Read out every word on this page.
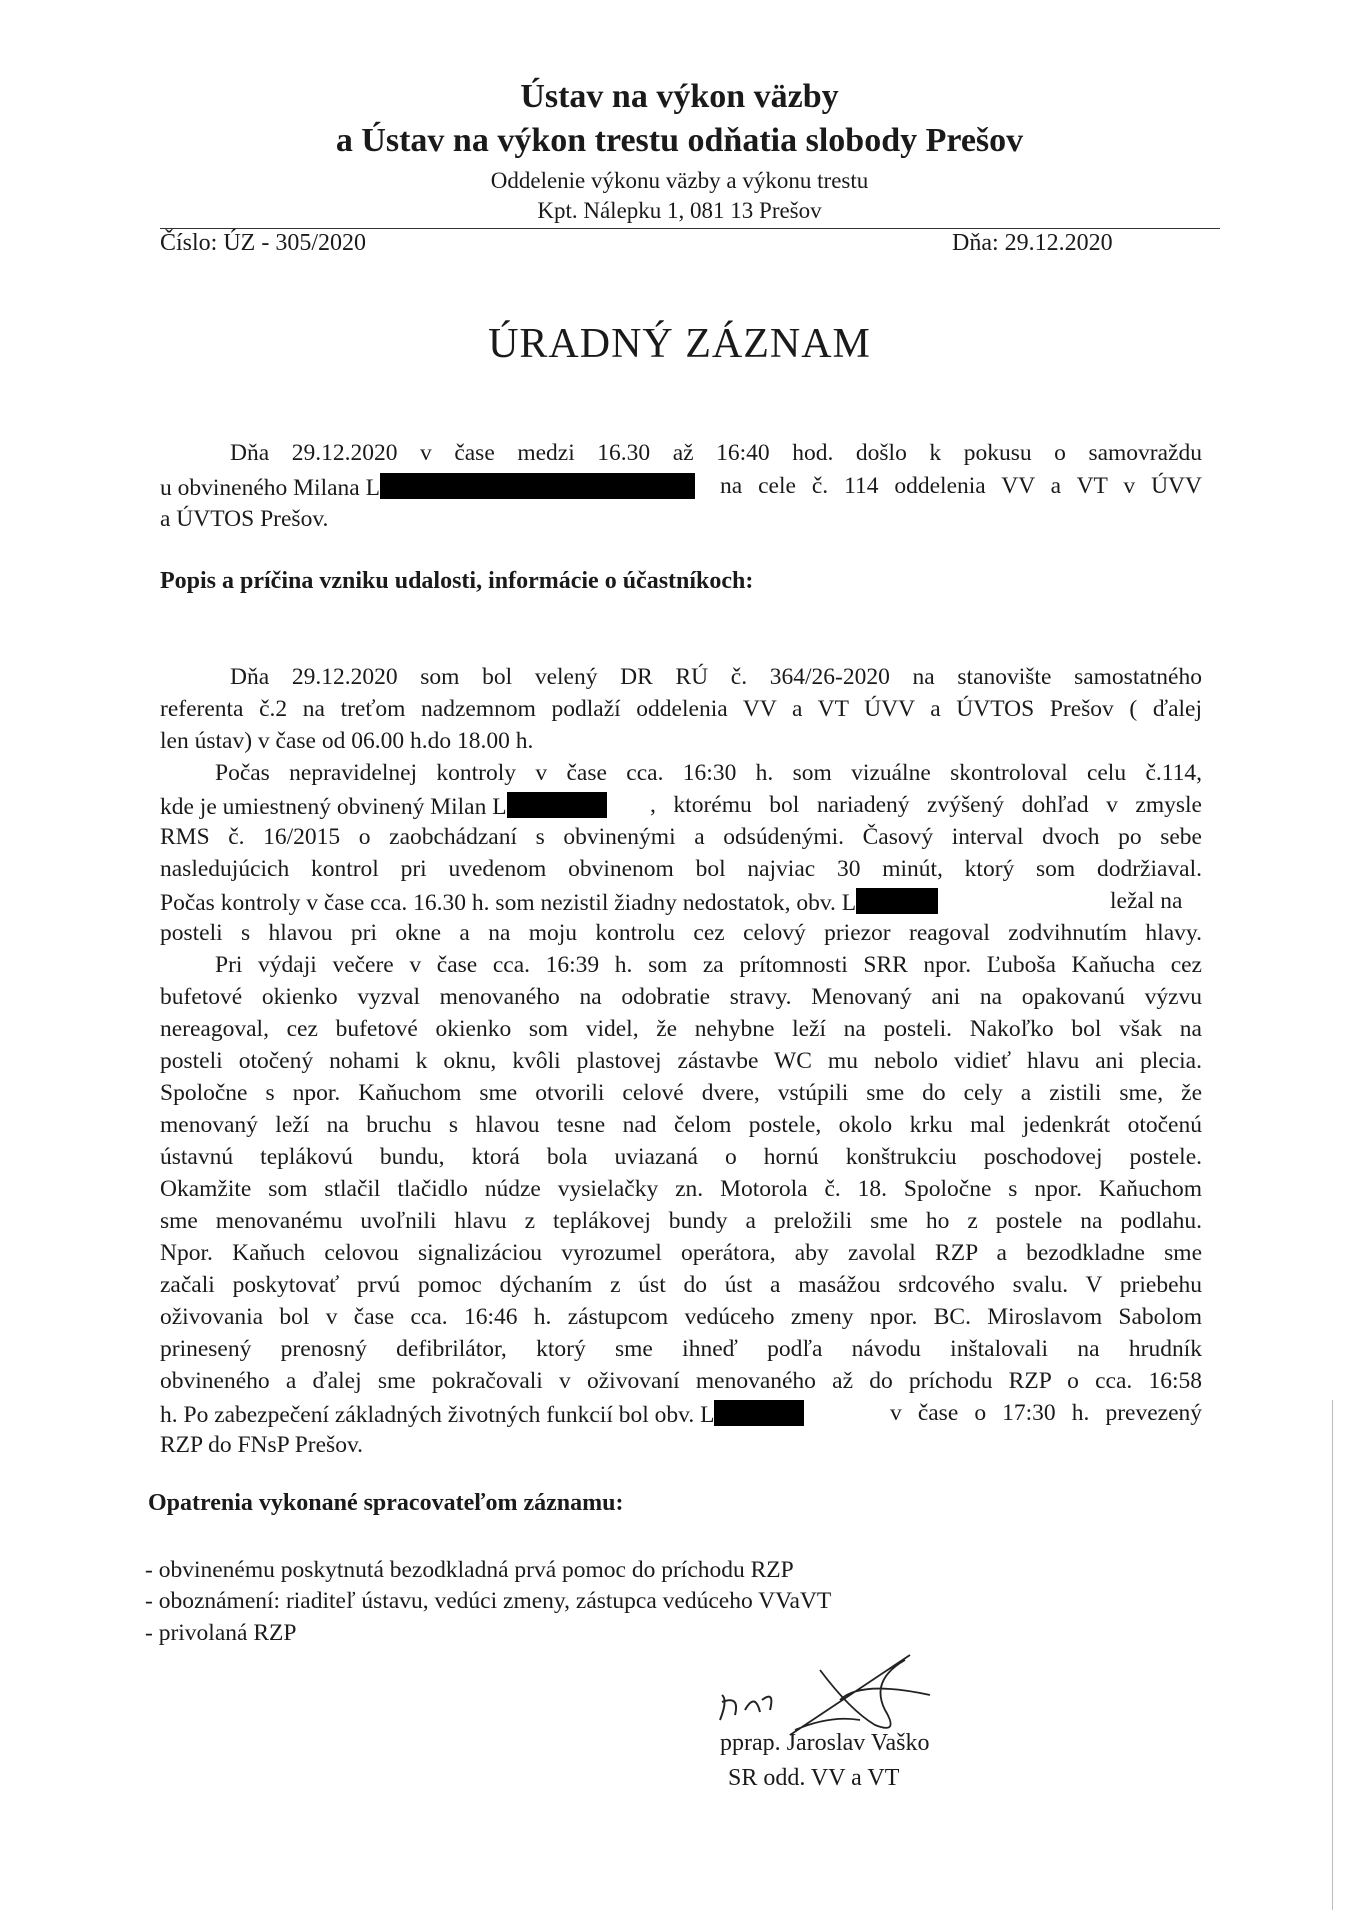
Ústav na výkon väzby
a Ústav na výkon trestu odňatia slobody Prešov
Oddelenie výkonu väzby a výkonu trestu
Kpt. Nálepku 1, 081 13 Prešov
Číslo: ÚZ - 305/2020	Dňa: 29.12.2020
ÚRADNÝ ZÁZNAM
Dňa 29.12.2020 v čase medzi 16.30 až 16:40 hod. došlo k pokusu o samovraždu
u obvineného Milana L	na cele č. 114 oddelenia VV a VT v ÚVV
a ÚVTOS Prešov.
Popis a príčina vzniku udalosti, informácie o účastníkoch:
Dňa 29.12.2020 som bol velený DR RÚ č. 364/26-2020 na stanovište samostatného
referenta č.2 na treťom nadzemnom podlaží oddelenia VV a VT ÚVV a ÚVTOS Prešov ( ďalej
len ústav) v čase od 06.00 h.do 18.00 h.
Počas nepravidelnej kontroly v čase cca. 16:30 h. som vizuálne skontroloval celu č.114,
kde je umiestnený obvinený Milan L	, ktorému bol nariadený zvýšený dohľad v zmysle
RMS č. 16/2015 o zaobchádzaní s obvinenými a odsúdenými. Časový interval dvoch po sebe
nasledujúcich kontrol pri uvedenom obvinenom bol najviac 30 minút, ktorý som dodržiaval.
Počas kontroly v čase cca. 16.30 h. som nezistil žiadny nedostatok, obv. L	ležal na
posteli s hlavou pri okne a na moju kontrolu cez celový priezor reagoval zodvihnutím hlavy.
Pri výdaji večere v čase cca. 16:39 h. som za prítomnosti SRR npor. Ľuboša Kaňucha cez
bufetové okienko vyzval menovaného na odobratie stravy. Menovaný ani na opakovanú výzvu
nereagoval, cez bufetové okienko som videl, že nehybne leží na posteli. Nakoľko bol však na
posteli otočený nohami k oknu, kvôli plastovej zástavbe WC mu nebolo vidieť hlavu ani plecia.
Spoločne s npor. Kaňuchom sme otvorili celové dvere, vstúpili sme do cely a zistili sme, že
menovaný leží na bruchu s hlavou tesne nad čelom postele, okolo krku mal jedenkrát otočenú
ústavnú teplákovú bundu, ktorá bola uviazaná o hornú konštrukciu poschodovej postele.
Okamžite som stlačil tlačidlo núdze vysielačky zn. Motorola č. 18. Spoločne s npor. Kaňuchom
sme menovanému uvoľnili hlavu z teplákovej bundy a preložili sme ho z postele na podlahu.
Npor. Kaňuch celovou signalizáciou vyrozumel operátora, aby zavolal RZP a bezodkladne sme
začali poskytovať prvú pomoc dýchaním z úst do úst a masážou srdcového svalu. V priebehu
oživovania bol v čase cca. 16:46 h. zástupcom vedúceho zmeny npor. BC. Miroslavom Sabolom
prinesený prenosný defibrilátor, ktorý sme ihneď podľa návodu inštalovali na hrudník
obvineného a ďalej sme pokračovali v oživovaní menovaného až do príchodu RZP o cca. 16:58
h. Po zabezpečení základných životných funkcií bol obv. L	v čase o 17:30 h. prevezený
RZP do FNsP Prešov.
Opatrenia vykonané spracovateľom záznamu:
- obvinenému poskytnutá bezodkladná prvá pomoc do príchodu RZP
- oboznámení: riaditeľ ústavu, vedúci zmeny, zástupca vedúceho VVaVT
- privolaná RZP
pprap. Jaroslav Vaško
SR odd. VV a VT
